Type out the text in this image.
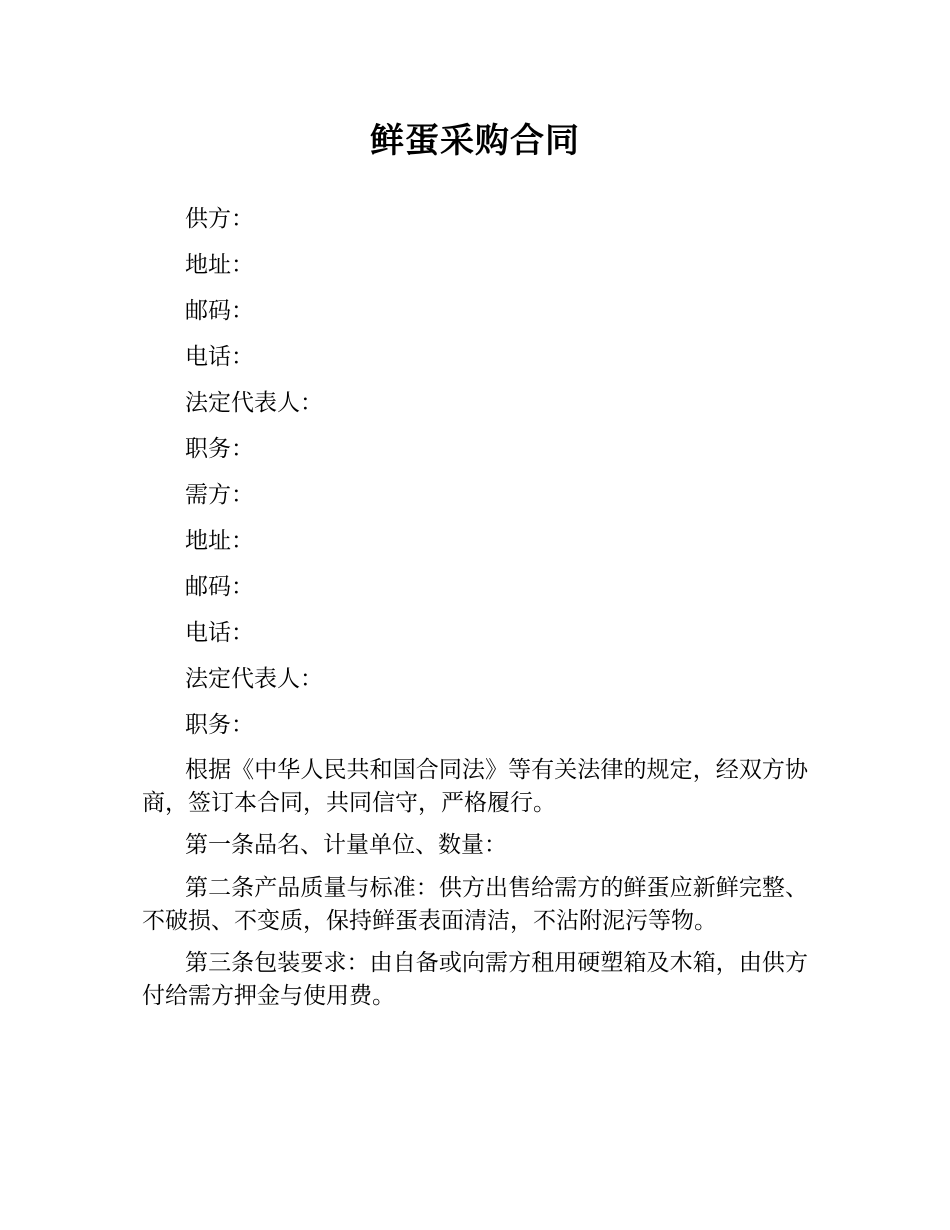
鲜蛋采购合同
供方：
地址：
邮码：
电话：
法定代表人：
职务：
需方：
地址：
邮码：
电话：
法定代表人：
职务：

根据《中华人民共和国合同法》等有关法律的规定，经双方协商，签订本合同，共同信守，严格履行。

第一条品名、计量单位、数量：

第二条产品质量与标准：供方出售给需方的鲜蛋应新鲜完整、不破损、不变质，保持鲜蛋表面清洁，不沾附泥污等物。

第三条包装要求：由自备或向需方租用硬塑箱及木箱，由供方付给需方押金与使用费。
